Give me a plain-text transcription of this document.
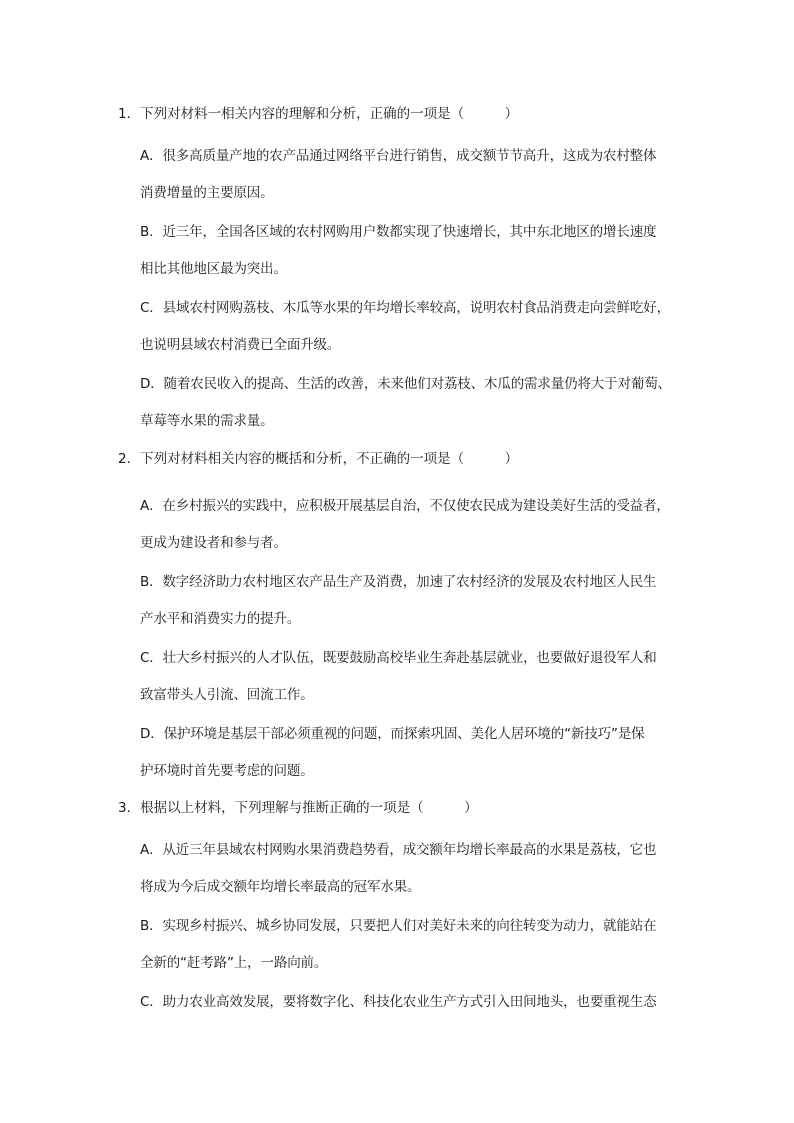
1．下列对材料一相关内容的理解和分析，正确的一项是（　　　）
A．很多高质量产地的农产品通过网络平台进行销售，成交额节节高升，这成为农村整体
消费增量的主要原因。
B．近三年，全国各区域的农村网购用户数都实现了快速增长，其中东北地区的增长速度
相比其他地区最为突出。
C．县域农村网购荔枝、木瓜等水果的年均增长率较高，说明农村食品消费走向尝鲜吃好，
也说明县域农村消费已全面升级。
D．随着农民收入的提高、生活的改善，未来他们对荔枝、木瓜的需求量仍将大于对葡萄、
草莓等水果的需求量。
2．下列对材料相关内容的概括和分析，不正确的一项是（　　　）
A．在乡村振兴的实践中，应积极开展基层自治，不仅使农民成为建设美好生活的受益者，
更成为建设者和参与者。
B．数字经济助力农村地区农产品生产及消费，加速了农村经济的发展及农村地区人民生
产水平和消费实力的提升。
C．壮大乡村振兴的人才队伍，既要鼓励高校毕业生奔赴基层就业，也要做好退役军人和
致富带头人引流、回流工作。
D．保护环境是基层干部必须重视的问题，而探索巩固、美化人居环境的“新技巧”是保
护环境时首先要考虑的问题。
3．根据以上材料，下列理解与推断正确的一项是（　　　）
A．从近三年县域农村网购水果消费趋势看，成交额年均增长率最高的水果是荔枝，它也
将成为今后成交额年均增长率最高的冠军水果。
B．实现乡村振兴、城乡协同发展，只要把人们对美好未来的向往转变为动力，就能站在
全新的“赶考路”上，一路向前。
C．助力农业高效发展，要将数字化、科技化农业生产方式引入田间地头，也要重视生态
